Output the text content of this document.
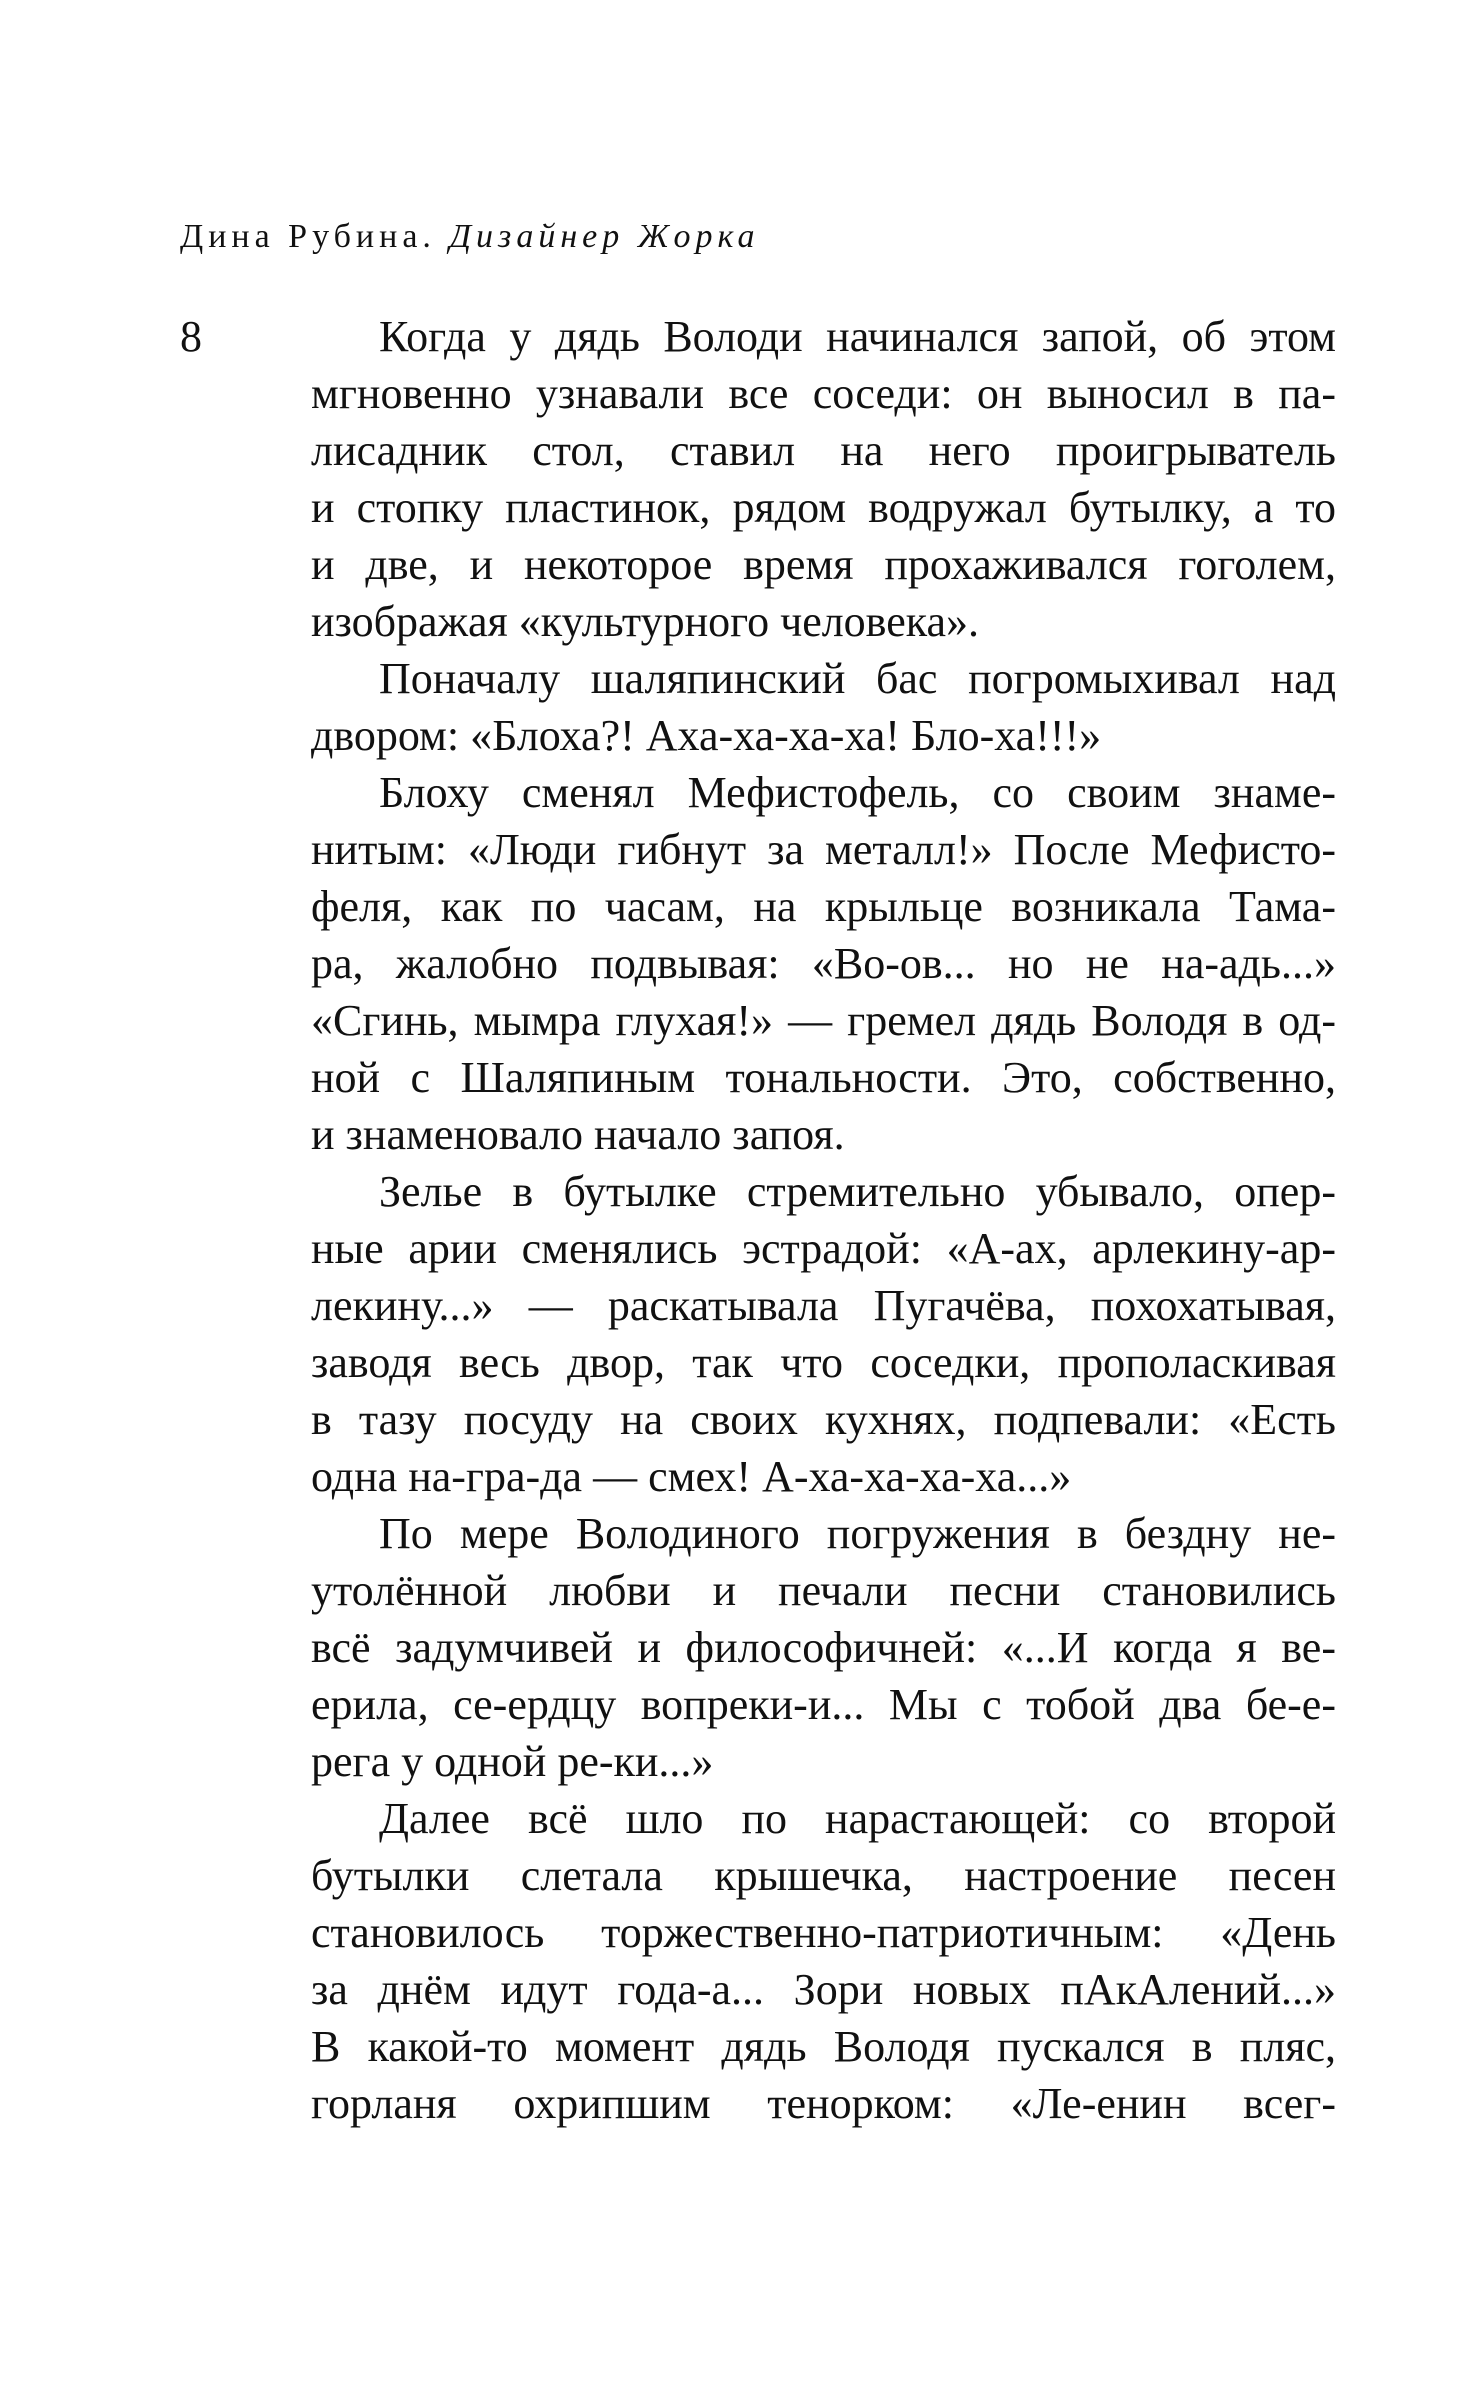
Дина Рубина. Дизайнер Жорка
8	Когда у дядь Володи начинался запой, об этом
мгновенно узнавали все соседи: он выносил в па-
лисадник стол, ставил на него проигрыватель
и стопку пластинок, рядом водружал бутылку, а то
и две, и некоторое время прохаживался гоголем,
изображая «культурного человека».
Поначалу шаляпинский бас погромыхивал над
двором: «Блоха?! Аха-ха-ха-ха! Бло-ха!!!»
Блоху сменял Мефистофель, со своим знаме-
нитым: «Люди гибнут за металл!» После Мефисто-
феля, как по часам, на крыльце возникала Тама-
ра, жалобно подвывая: «Во-ов... но не на-адь...»
«Сгинь, мымра глухая!» — гремел дядь Володя в од-
ной с Шаляпиным тональности. Это, собственно,
и знаменовало начало запоя.
Зелье в бутылке стремительно убывало, опер-
ные арии сменялись эстрадой: «А-ах, арлекину-ар-
лекину...» — раскатывала Пугачёва, похохатывая,
заводя весь двор, так что соседки, прополаскивая
в тазу посуду на своих кухнях, подпевали: «Есть
одна на-гра-да — смех! А-ха-ха-ха-ха...»
По мере Володиного погружения в бездну не-
утолённой любви и печали песни становились
всё задумчивей и философичней: «...И когда я ве-
ерила, се-ердцу вопреки-и... Мы с тобой два бе-е-
рега у одной ре-ки...»
Далее всё шло по нарастающей: со второй
бутылки слетала крышечка, настроение песен
становилось торжественно-патриотичным: «День
за днём идут года-а... Зори новых пАкАлений...»
В какой-то момент дядь Володя пускался в пляс,
горланя охрипшим тенорком: «Ле-енин всег-
